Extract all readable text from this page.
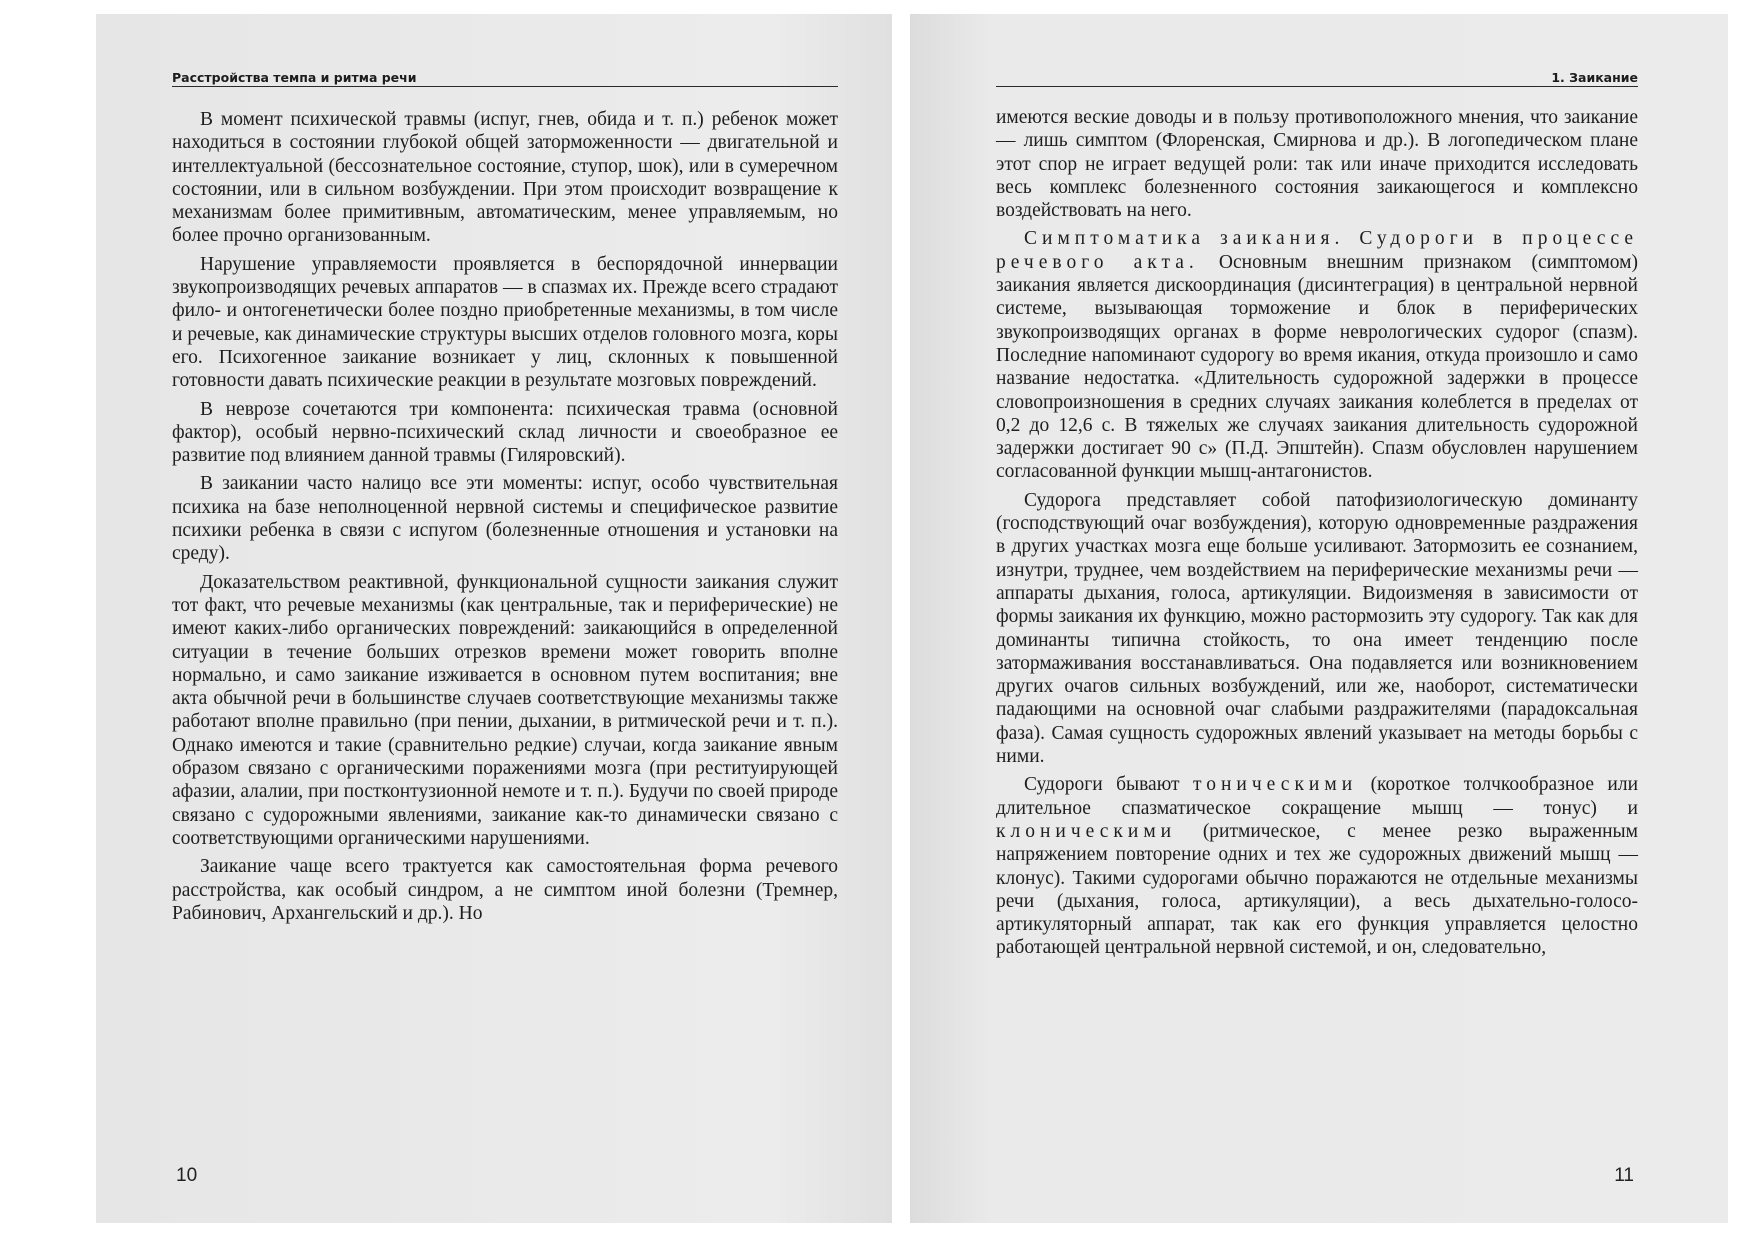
Расстройства темпа и ритма речи

В момент психической травмы (испуг, гнев, обида и т. п.) ребенок может находиться в состоянии глубокой общей заторможенности — двигательной и интеллектуальной (бессознательное состояние, ступор, шок), или в сумеречном состоянии, или в сильном возбуждении. При этом происходит возвращение к механизмам более примитивным, автоматическим, менее управляемым, но более прочно организованным.

Нарушение управляемости проявляется в беспорядочной иннервации звукопроизводящих речевых аппаратов — в спазмах их. Прежде всего страдают фило- и онтогенетически более поздно приобретенные механизмы, в том числе и речевые, как динамические структуры высших отделов головного мозга, коры его. Психогенное заикание возникает у лиц, склонных к повышенной готовности давать психические реакции в результате мозговых повреждений.

В неврозе сочетаются три компонента: психическая травма (основной фактор), особый нервно-психический склад личности и своеобразное ее развитие под влиянием данной травмы (Гиляровский).

В заикании часто налицо все эти моменты: испуг, особо чувствительная психика на базе неполноценной нервной системы и специфическое развитие психики ребенка в связи с испугом (болезненные отношения и установки на среду).

Доказательством реактивной, функциональной сущности заикания служит тот факт, что речевые механизмы (как центральные, так и периферические) не имеют каких-либо органических повреждений: заикающийся в определенной ситуации в течение больших отрезков времени может говорить вполне нормально, и само заикание изживается в основном путем воспитания; вне акта обычной речи в большинстве случаев соответствующие механизмы также работают вполне правильно (при пении, дыхании, в ритмической речи и т. п.). Однако имеются и такие (сравнительно редкие) случаи, когда заикание явным образом связано с органическими поражениями мозга (при реституирующей афазии, алалии, при постконтузионной немоте и т. п.). Будучи по своей природе связано с судорожными явлениями, заикание как-то динамически связано с соответствующими органическими нарушениями.

Заикание чаще всего трактуется как самостоятельная форма речевого расстройства, как особый синдром, а не симптом иной болезни (Тремнер, Рабинович, Архангельский и др.). Но

10
1. Заикание

имеются веские доводы и в пользу противоположного мнения, что заикание — лишь симптом (Флоренская, Смирнова и др.). В логопедическом плане этот спор не играет ведущей роли: так или иначе приходится исследовать весь комплекс болезненного состояния заикающегося и комплексно воздействовать на него.

Симптоматика заикания. Судороги в процессе речевого акта. Основным внешним признаком (симптомом) заикания является дискоординация (дисинтеграция) в центральной нервной системе, вызывающая торможение и блок в периферических звукопроизводящих органах в форме неврологических судорог (спазм). Последние напоминают судорогу во время икания, откуда произошло и само название недостатка. «Длительность судорожной задержки в процессе словопроизношения в средних случаях заикания колеблется в пределах от 0,2 до 12,6 с. В тяжелых же случаях заикания длительность судорожной задержки достигает 90 с» (П.Д. Эпштейн). Спазм обусловлен нарушением согласованной функции мышц-антагонистов.

Судорога представляет собой патофизиологическую доминанту (господствующий очаг возбуждения), которую одновременные раздражения в других участках мозга еще больше усиливают. Затормозить ее сознанием, изнутри, труднее, чем воздействием на периферические механизмы речи — аппараты дыхания, голоса, артикуляции. Видоизменяя в зависимости от формы заикания их функцию, можно растормозить эту судорогу. Так как для доминанты типична стойкость, то она имеет тенденцию после затормаживания восстанавливаться. Она подавляется или возникновением других очагов сильных возбуждений, или же, наоборот, систематически падающими на основной очаг слабыми раздражителями (парадоксальная фаза). Самая сущность судорожных явлений указывает на методы борьбы с ними.

Судороги бывают тоническими (короткое толчкообразное или длительное спазматическое сокращение мышц — тонус) и клоническими (ритмическое, с менее резко выраженным напряжением повторение одних и тех же судорожных движений мышц — клонус). Такими судорогами обычно поражаются не отдельные механизмы речи (дыхания, голоса, артикуляции), а весь дыхательно-голосо-артикуляторный аппарат, так как его функция управляется целостно работающей центральной нервной системой, и он, следовательно,

11
